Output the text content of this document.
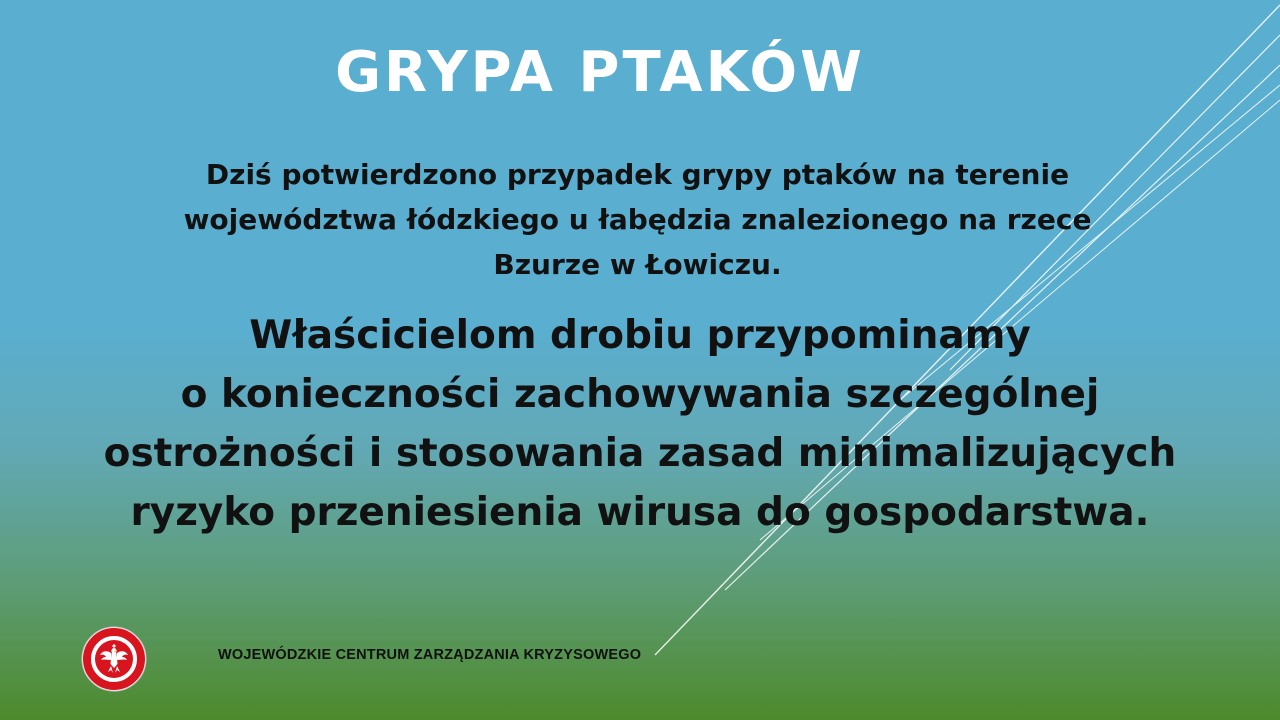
GRYPA PTAKÓW

Dziś potwierdzono przypadek grypy ptaków na terenie
województwa łódzkiego u łabędzia znalezionego na rzece
Bzurze w Łowiczu.

Właścicielom drobiu przypominamy
o konieczności zachowywania szczególnej
ostrożności i stosowania zasad minimalizujących
ryzyko przeniesienia wirusa do gospodarstwa.

WOJEWÓDZKIE CENTRUM ZARZĄDZANIA KRYZYSOWEGO
